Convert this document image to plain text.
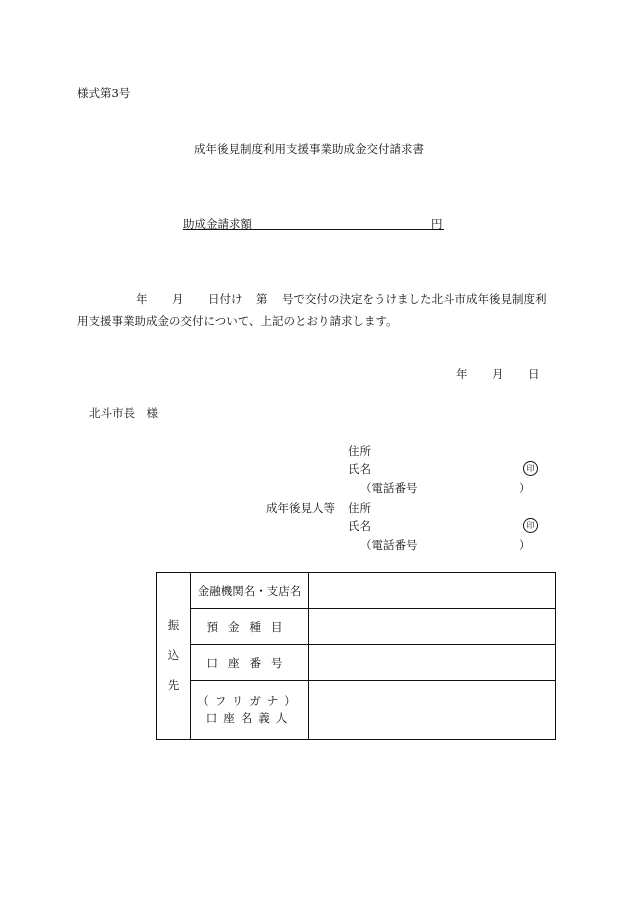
様式第3号
成年後見制度利用支援事業助成金交付請求書
助成金請求額	円
年 月 日付け 第 号で交付の決定をうけました北斗市成年後見制度利
用支援事業助成金の交付について、上記のとおり請求します。
年 月 日
北斗市長　様
住所
氏名	印
（電話番号	）
成年後見人等 住所
氏名	印
（電話番号	）
振
込
先	金融機関名・支店名	
	預金種目	
	口座番号	

	（フリガナ）
口座名義人	
